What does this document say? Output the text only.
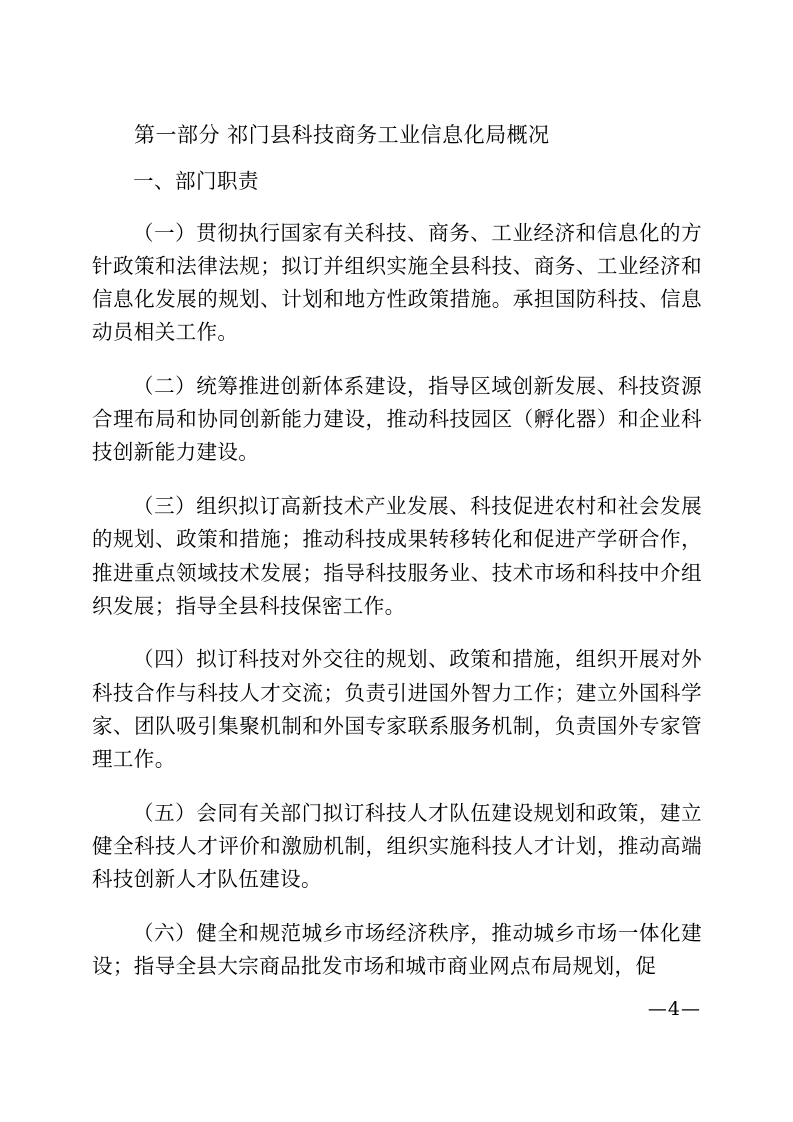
第一部分 祁门县科技商务工业信息化局概况
一、部门职责

（一）贯彻执行国家有关科技、商务、工业经济和信息化的方针政策和法律法规；拟订并组织实施全县科技、商务、工业经济和信息化发展的规划、计划和地方性政策措施。承担国防科技、信息动员相关工作。

（二）统筹推进创新体系建设，指导区域创新发展、科技资源合理布局和协同创新能力建设，推动科技园区（孵化器）和企业科技创新能力建设。

（三）组织拟订高新技术产业发展、科技促进农村和社会发展的规划、政策和措施；推动科技成果转移转化和促进产学研合作，推进重点领域技术发展；指导科技服务业、技术市场和科技中介组织发展；指导全县科技保密工作。

（四）拟订科技对外交往的规划、政策和措施，组织开展对外科技合作与科技人才交流；负责引进国外智力工作；建立外国科学家、团队吸引集聚机制和外国专家联系服务机制，负责国外专家管理工作。

（五）会同有关部门拟订科技人才队伍建设规划和政策，建立健全科技人才评价和激励机制，组织实施科技人才计划，推动高端科技创新人才队伍建设。

（六）健全和规范城乡市场经济秩序，推动城乡市场一体化建设；指导全县大宗商品批发市场和城市商业网点布局规划，促

—4—
